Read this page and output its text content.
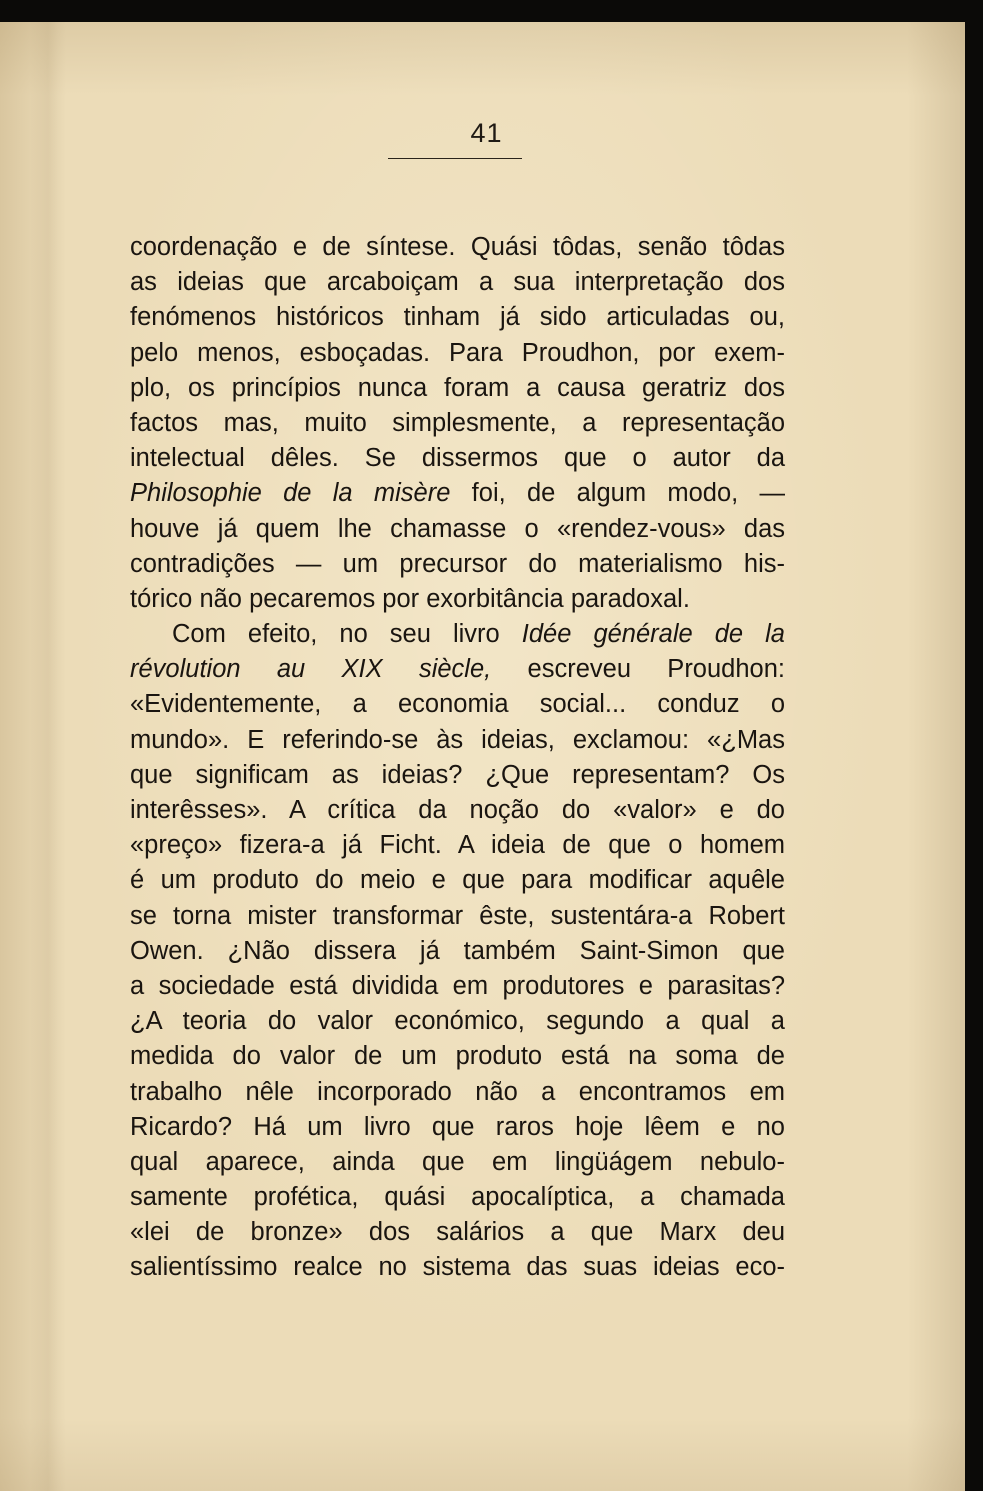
41
coordenação e de síntese. Quási tôdas, senão tôdas
as ideias que arcaboiçam a sua interpretação dos
fenómenos históricos tinham já sido articuladas ou,
pelo menos, esboçadas. Para Proudhon, por exem-
plo, os princípios nunca foram a causa geratriz dos
factos mas, muito simplesmente, a representação
intelectual dêles. Se dissermos que o autor da
Philosophie de la misère foi, de algum modo, —
houve já quem lhe chamasse o «rendez-vous» das
contradições — um precursor do materialismo his-
tórico não pecaremos por exorbitância paradoxal.
Com efeito, no seu livro Idée générale de la
révolution au XIX siècle, escreveu Proudhon:
«Evidentemente, a economia social... conduz o
mundo». E referindo-se às ideias, exclamou: «¿Mas
que significam as ideias? ¿Que representam? Os
interêsses». A crítica da noção do «valor» e do
«preço» fizera-a já Ficht. A ideia de que o homem
é um produto do meio e que para modificar aquêle
se torna mister transformar êste, sustentára-a Robert
Owen. ¿Não dissera já também Saint-Simon que
a sociedade está dividida em produtores e parasitas?
¿A teoria do valor económico, segundo a qual a
medida do valor de um produto está na soma de
trabalho nêle incorporado não a encontramos em
Ricardo? Há um livro que raros hoje lêem e no
qual aparece, ainda que em lingüágem nebulo-
samente profética, quási apocalíptica, a chamada
«lei de bronze» dos salários a que Marx deu
salientíssimo realce no sistema das suas ideias eco-
